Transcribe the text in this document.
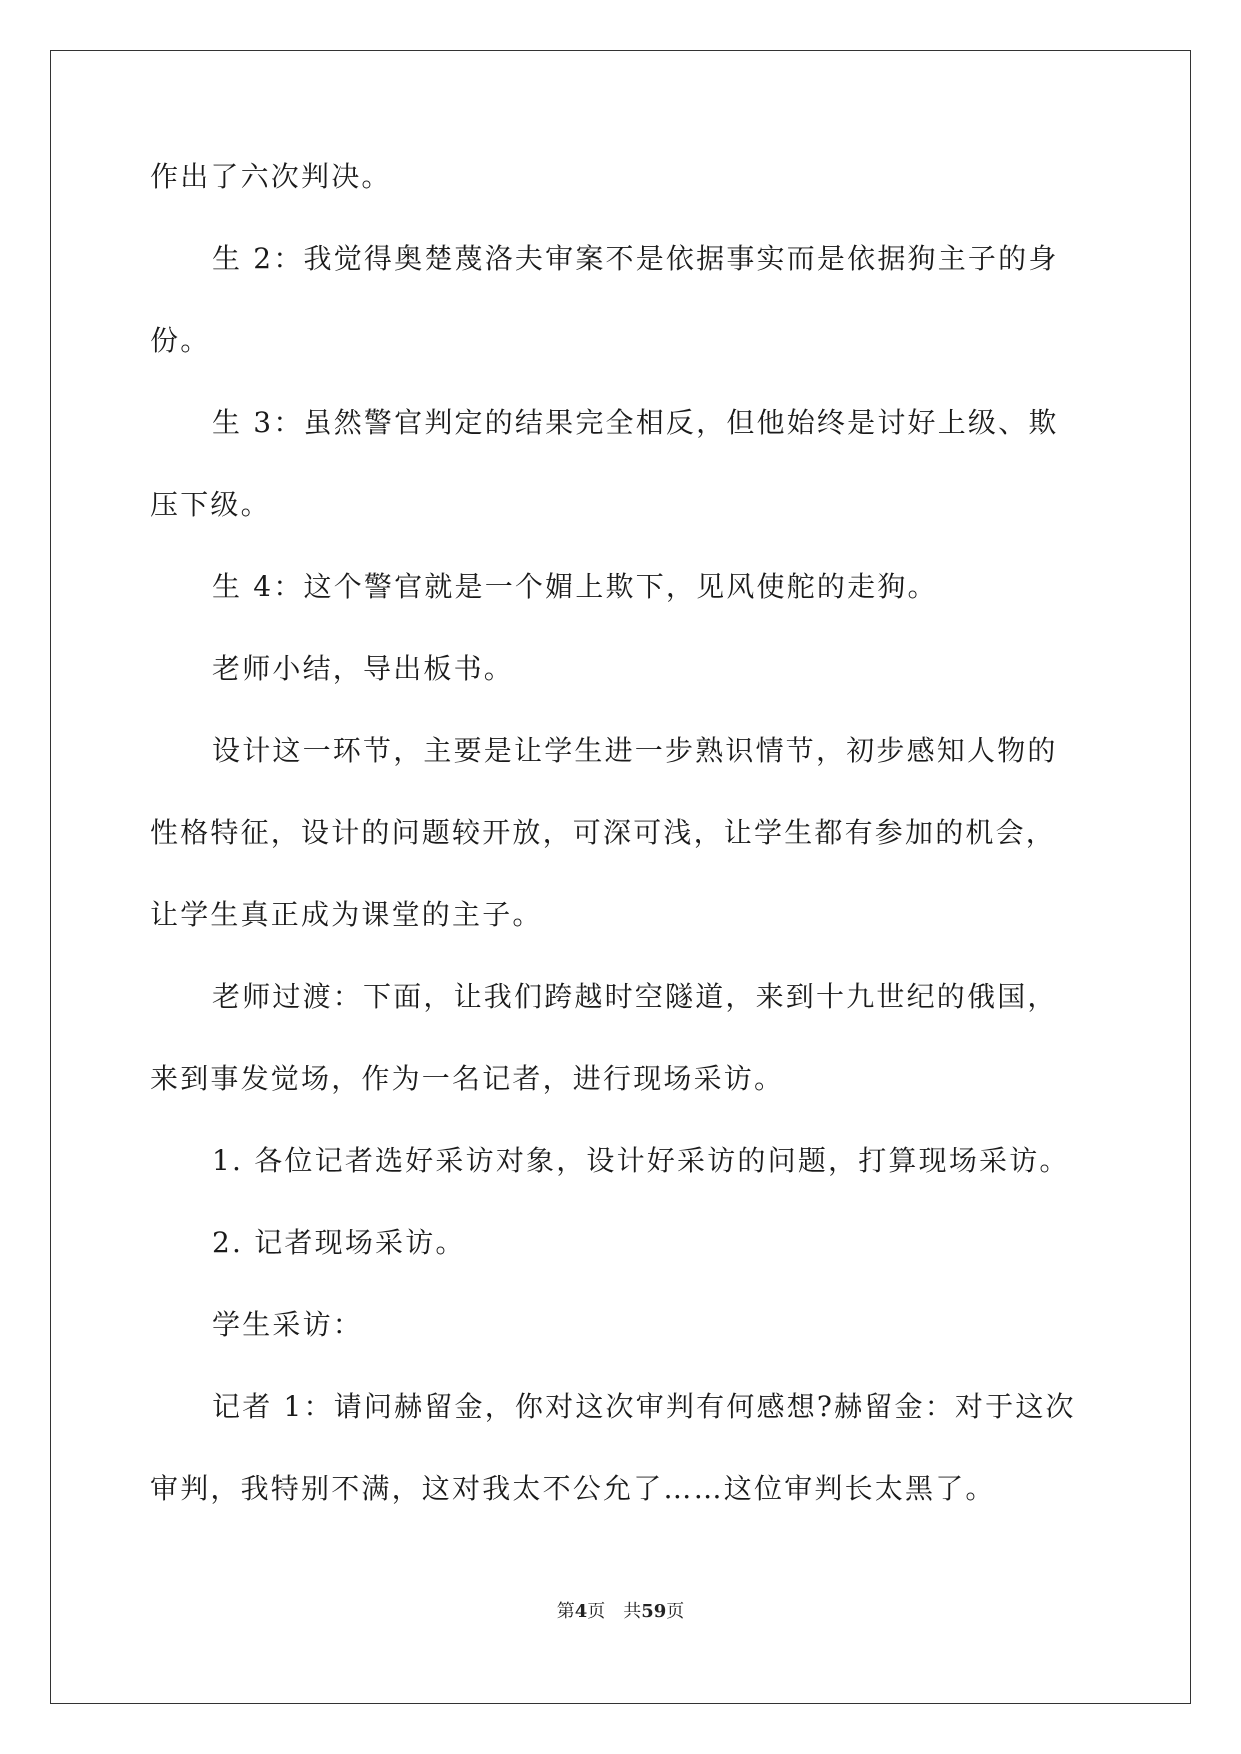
作出了六次判决。

生 2：我觉得奥楚蔑洛夫审案不是依据事实而是依据狗主子的身

份。

生 3：虽然警官判定的结果完全相反，但他始终是讨好上级、欺

压下级。

生 4：这个警官就是一个媚上欺下，见风使舵的走狗。

老师小结，导出板书。

设计这一环节，主要是让学生进一步熟识情节，初步感知人物的

性格特征，设计的问题较开放，可深可浅，让学生都有参加的机会，

让学生真正成为课堂的主子。

老师过渡：下面，让我们跨越时空隧道，来到十九世纪的俄国，

来到事发觉场，作为一名记者，进行现场采访。

1. 各位记者选好采访对象，设计好采访的问题，打算现场采访。

2. 记者现场采访。

学生采访：

记者 1：请问赫留金，你对这次审判有何感想?赫留金：对于这次

审判，我特别不满，这对我太不公允了……这位审判长太黑了。

第4页 共59页
